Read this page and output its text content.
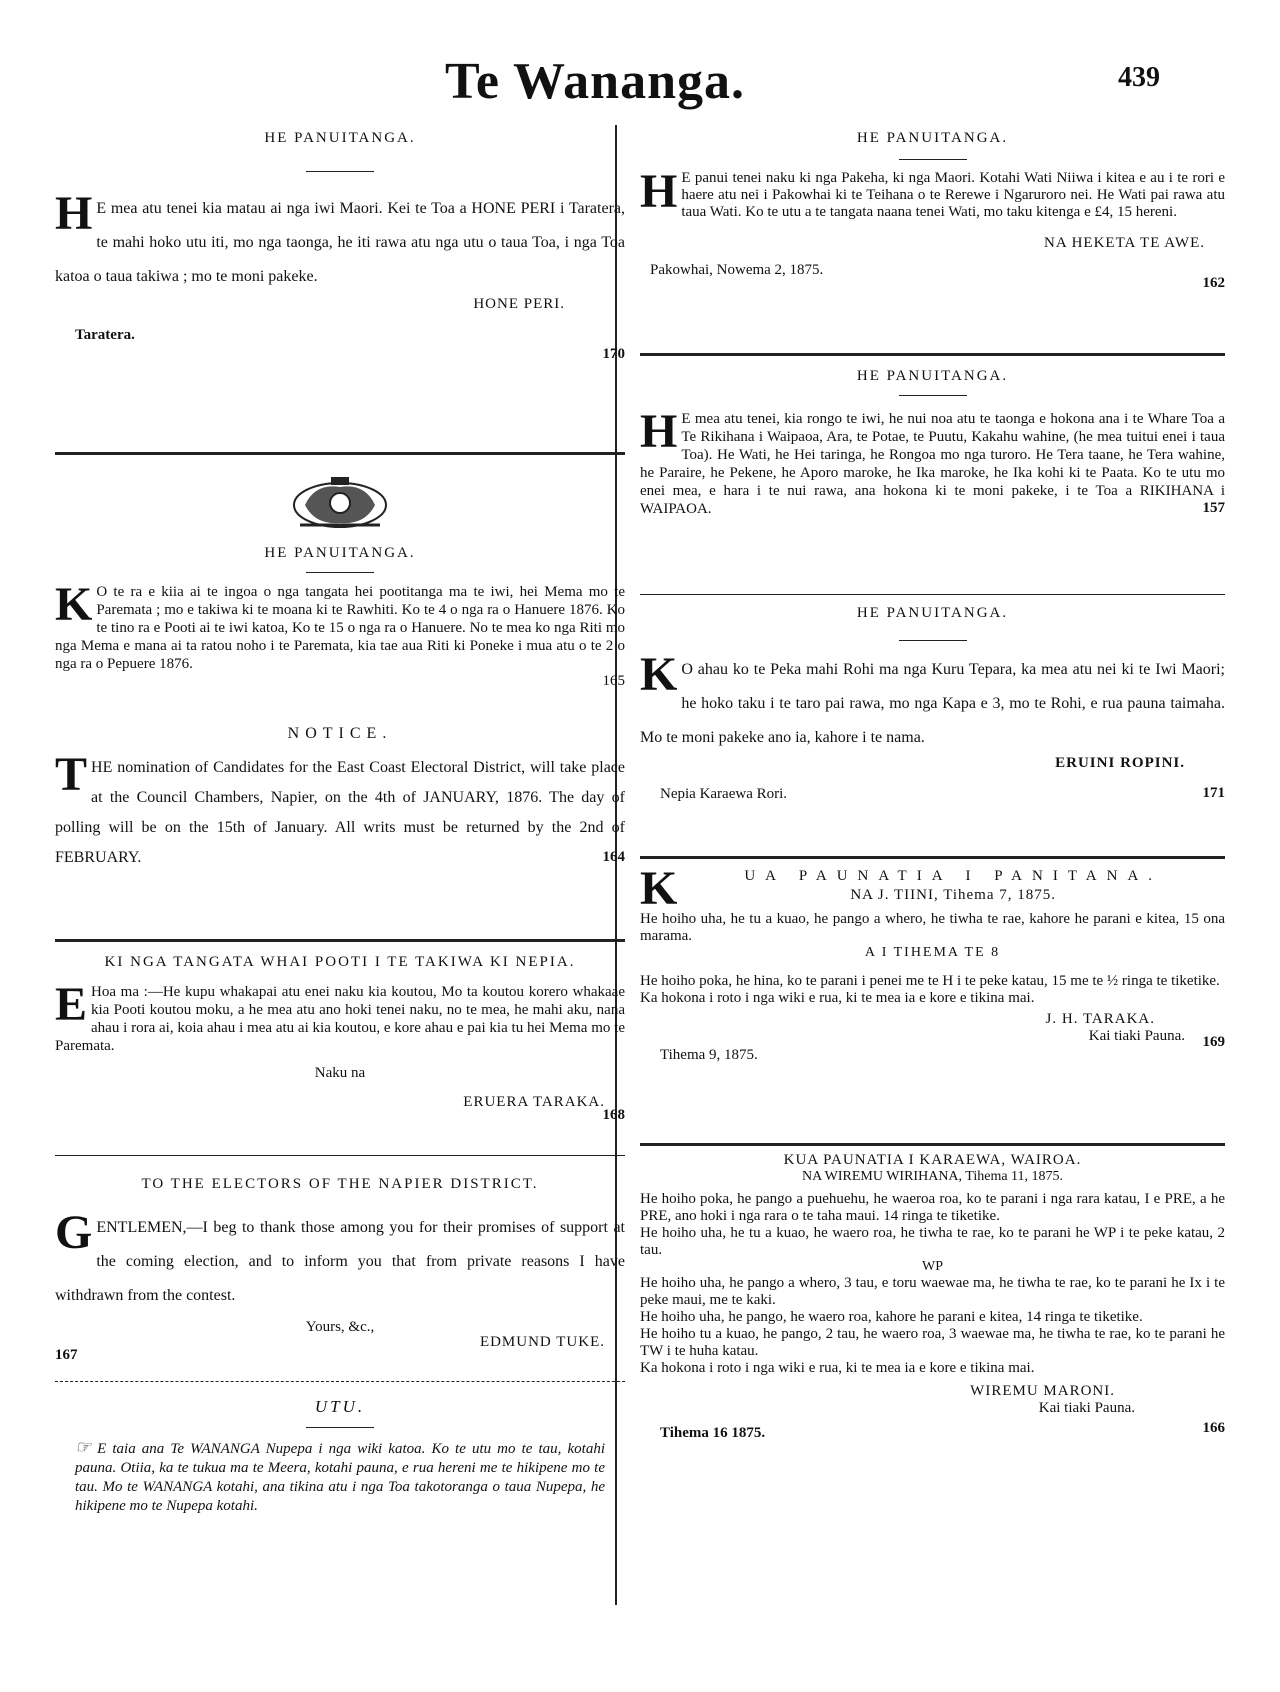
Te Wananga.	439
HE PANUITANGA.
H E mea atu tenei kia matau ai nga iwi Maori. Kei te Toa a HONE PERI i Taratera, te mahi hoko utu iti, mo nga taonga, he iti rawa atu nga utu o taua Toa, i nga Toa katoa o taua takiwa ; mo te moni pakeke.
HONE PERI.
Taratera.
170
HE PANUITANGA.
K O te ra e kiia ai te ingoa o nga tangata hei pootitanga ma te iwi, hei Mema mo te Paremata ; mo e takiwa ki te moana ki te Rawhiti. Ko te 4 o nga ra o Hanuere 1876. Ko te tino ra e Pooti ai te iwi katoa, Ko te 15 o nga ra o Hanuere. No te mea ko nga Riti mo nga Mema e mana ai ta ratou noho i te Paremata, kia tae aua Riti ki Poneke i mua atu o te 2 o nga ra o Pepuere 1876.
165
NOTICE.
THE nomination of Candidates for the East Coast Electoral District, will take place at the Council Chambers, Napier, on the 4th of JANUARY, 1876. The day of polling will be on the 15th of January. All writs must be returned by the 2nd of FEBRUARY.	164
KI NGA TANGATA WHAI POOTI I TE TAKIWA KI NEPIA.
E Hoa ma :—He kupu whakapai atu enei naku kia koutou, Mo ta koutou korero whakaae kia Pooti koutou moku, a he mea atu ano hoki tenei naku, no te mea, he mahi aku, nana ahau i rora ai, koia ahau i mea atu ai kia koutou, e kore ahau e pai kia tu hei Mema mo te Paremata.
Naku na
ERUERA TARAKA.
168
TO THE ELECTORS OF THE NAPIER DISTRICT.
GENTLEMEN,—I beg to thank those among you for their promises of support at the coming election, and to inform you that from private reasons I have withdrawn from the contest.
Yours, &c.,
EDMUND TUKE.
167
UTU.
☞ E taia ana Te WANANGA Nupepa i nga wiki katoa. Ko te utu mo te tau, kotahi pauna. Otiia, ka te tukua ma te Meera, kotahi pauna, e rua hereni me te hikipene mo te tau. Mo te WANANGA kotahi, ana tikina atu i nga Toa takotoranga o taua Nupepa, he hikipene mo te Nupepa kotahi.
HE PANUITANGA.
H E panui tenei naku ki nga Pakeha, ki nga Maori. Kotahi Wati Niiwa i kitea e au i te rori e haere atu nei i Pakowhai ki te Teihana o te Rerewe i Ngaruroro nei. He Wati pai rawa atu taua Wati. Ko te utu a te tangata naana tenei Wati, mo taku kitenga e £4, 15 hereni.
NA HEKETA TE AWE.
Pakowhai, Nowema 2, 1875.
162
HE PANUITANGA.
H E mea atu tenei, kia rongo te iwi, he nui noa atu te taonga e hokona ana i te Whare Toa a Te Rikihana i Waipaoa, Ara, te Potae, te Puutu, Kakahu wahine, (he mea tuitui enei i taua Toa). He Wati, he Hei taringa, he Rongoa mo nga turoro. He Tera taane, he Tera wahine, he Paraire, he Pekene, he Aporo maroke, he Ika maroke, he Ika kohi ki te Paata. Ko te utu mo enei mea, e hara i te nui rawa, ana hokona ki te moni pakeke, i te Toa a RIKIHANA i WAIPAOA.	157
HE PANUITANGA.
K O ahau ko te Peka mahi Rohi ma nga Kuru Tepara, ka mea atu nei ki te Iwi Maori; he hoko taku i te taro pai rawa, mo nga Kapa e 3, mo te Rohi, e rua pauna taimaha. Mo te moni pakeke ano ia, kahore i te nama.
ERUINI ROPINI.
Nepia Karaewa Rori.	171
K	UA PAUNATIA I PANITANA.
NA J. TIINI, Tihema 7, 1875.
He hoiho uha, he tu a kuao, he pango a whero, he tiwha te rae, kahore he parani e kitea, 15 ona marama.
A I TIHEMA TE 8
He hoiho poka, he hina, ko te parani i penei me te H i te peke katau, 15 me te ½ ringa te tiketike.
Ka hokona i roto i nga wiki e rua, ki te mea ia e kore e tikina mai.
J. H. TARAKA.
Kai tiaki Pauna.
Tihema 9, 1875.
169
KUA PAUNATIA I KARAEWA, WAIROA.
NA WIREMU WIRIHANA, Tihema 11, 1875.
He hoiho poka, he pango a puehuehu, he waeroa roa, ko te parani i nga rara katau, I e PRE, a he PRE, ano hoki i nga rara o te taha maui. 14 ringa te tiketike.
He hoiho uha, he tu a kuao, he waero roa, he tiwha te rae, ko te parani he WP i te peke katau, 2 tau.
WP
He hoiho uha, he pango a whero, 3 tau, e toru waewae ma, he tiwha te rae, ko te parani he Ix i te peke maui, me te kaki.
He hoiho uha, he pango, he waero roa, kahore he parani e kitea, 14 ringa te tiketike.
He hoiho tu a kuao, he pango, 2 tau, he waero roa, 3 waewae ma, he tiwha te rae, ko te parani he TW i te huha katau.
Ka hokona i roto i nga wiki e rua, ki te mea ia e kore e tikina mai.
WIREMU MARONI.
Kai tiaki Pauna.
Tihema 16 1875.	166
